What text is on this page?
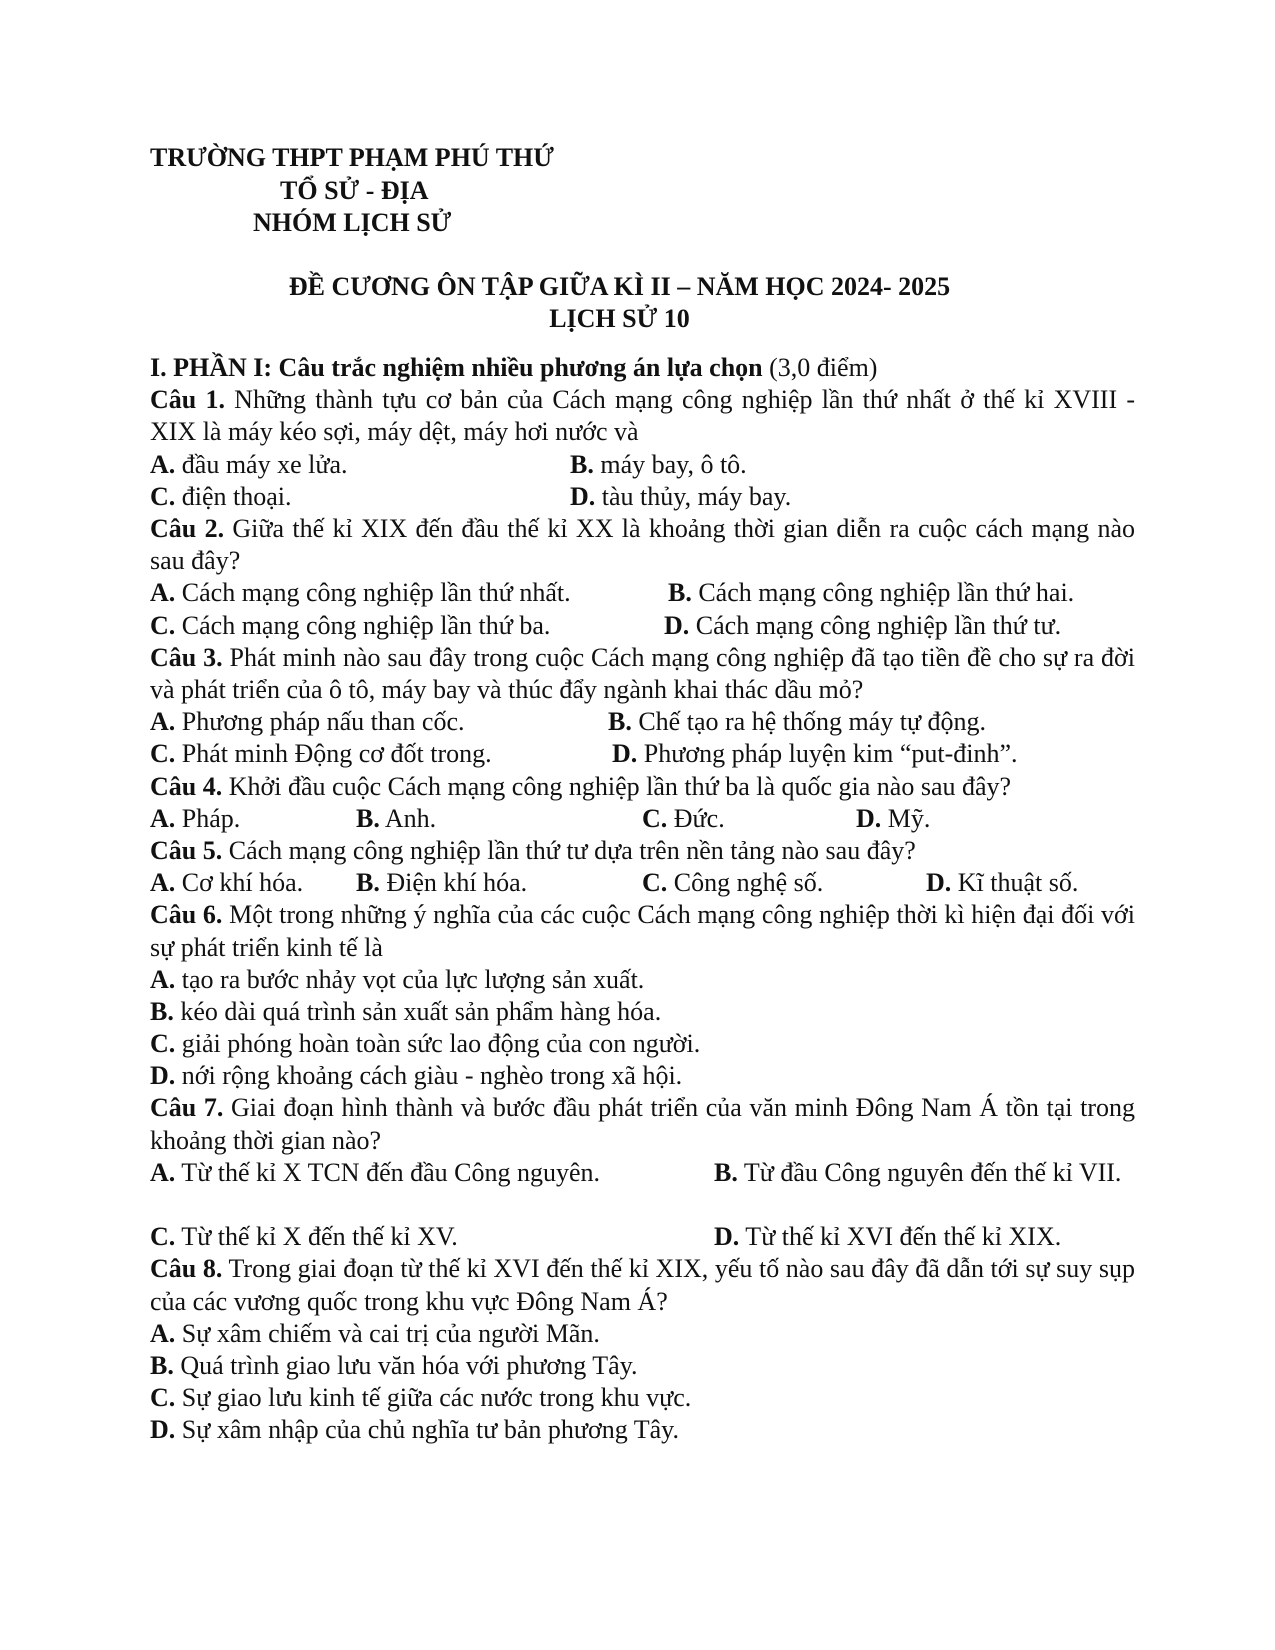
TRƯỜNG THPT PHẠM PHÚ THỨ
TỔ SỬ - ĐỊA
NHÓM LỊCH SỬ
ĐỀ CƯƠNG ÔN TẬP GIỮA KÌ II – NĂM HỌC 2024- 2025
LỊCH SỬ 10
I. PHẦN I: Câu trắc nghiệm nhiều phương án lựa chọn (3,0 điểm)
Câu 1. Những thành tựu cơ bản của Cách mạng công nghiệp lần thứ nhất ở thế kỉ XVIII - XIX là máy kéo sợi, máy dệt, máy hơi nước và
A. đầu máy xe lửa.	B. máy bay, ô tô.
C. điện thoại.	D. tàu thủy, máy bay.
Câu 2. Giữa thế kỉ XIX đến đầu thế kỉ XX là khoảng thời gian diễn ra cuộc cách mạng nào sau đây?
A. Cách mạng công nghiệp lần thứ nhất.	B. Cách mạng công nghiệp lần thứ hai.
C. Cách mạng công nghiệp lần thứ ba.	D. Cách mạng công nghiệp lần thứ tư.
Câu 3. Phát minh nào sau đây trong cuộc Cách mạng công nghiệp đã tạo tiền đề cho sự ra đời và phát triển của ô tô, máy bay và thúc đẩy ngành khai thác dầu mỏ?
A. Phương pháp nấu than cốc.	B. Chế tạo ra hệ thống máy tự động.
C. Phát minh Động cơ đốt trong.	D. Phương pháp luyện kim “put-đinh”.
Câu 4. Khởi đầu cuộc Cách mạng công nghiệp lần thứ ba là quốc gia nào sau đây?
A. Pháp.	B. Anh.	C. Đức.	D. Mỹ.
Câu 5. Cách mạng công nghiệp lần thứ tư dựa trên nền tảng nào sau đây?
A. Cơ khí hóa. B. Điện khí hóa.	C. Công nghệ số.	D. Kĩ thuật số.
Câu 6. Một trong những ý nghĩa của các cuộc Cách mạng công nghiệp thời kì hiện đại đối với sự phát triển kinh tế là
A. tạo ra bước nhảy vọt của lực lượng sản xuất.
B. kéo dài quá trình sản xuất sản phẩm hàng hóa.
C. giải phóng hoàn toàn sức lao động của con người.
D. nới rộng khoảng cách giàu - nghèo trong xã hội.
Câu 7. Giai đoạn hình thành và bước đầu phát triển của văn minh Đông Nam Á tồn tại trong khoảng thời gian nào?
A. Từ thế kỉ X TCN đến đầu Công nguyên.	B. Từ đầu Công nguyên đến thế kỉ VII.
C. Từ thế kỉ X đến thế kỉ XV.	D. Từ thế kỉ XVI đến thế kỉ XIX.
Câu 8. Trong giai đoạn từ thế kỉ XVI đến thế kỉ XIX, yếu tố nào sau đây đã dẫn tới sự suy sụp của các vương quốc trong khu vực Đông Nam Á?
A. Sự xâm chiếm và cai trị của người Mãn.
B. Quá trình giao lưu văn hóa với phương Tây.
C. Sự giao lưu kinh tế giữa các nước trong khu vực.
D. Sự xâm nhập của chủ nghĩa tư bản phương Tây.
